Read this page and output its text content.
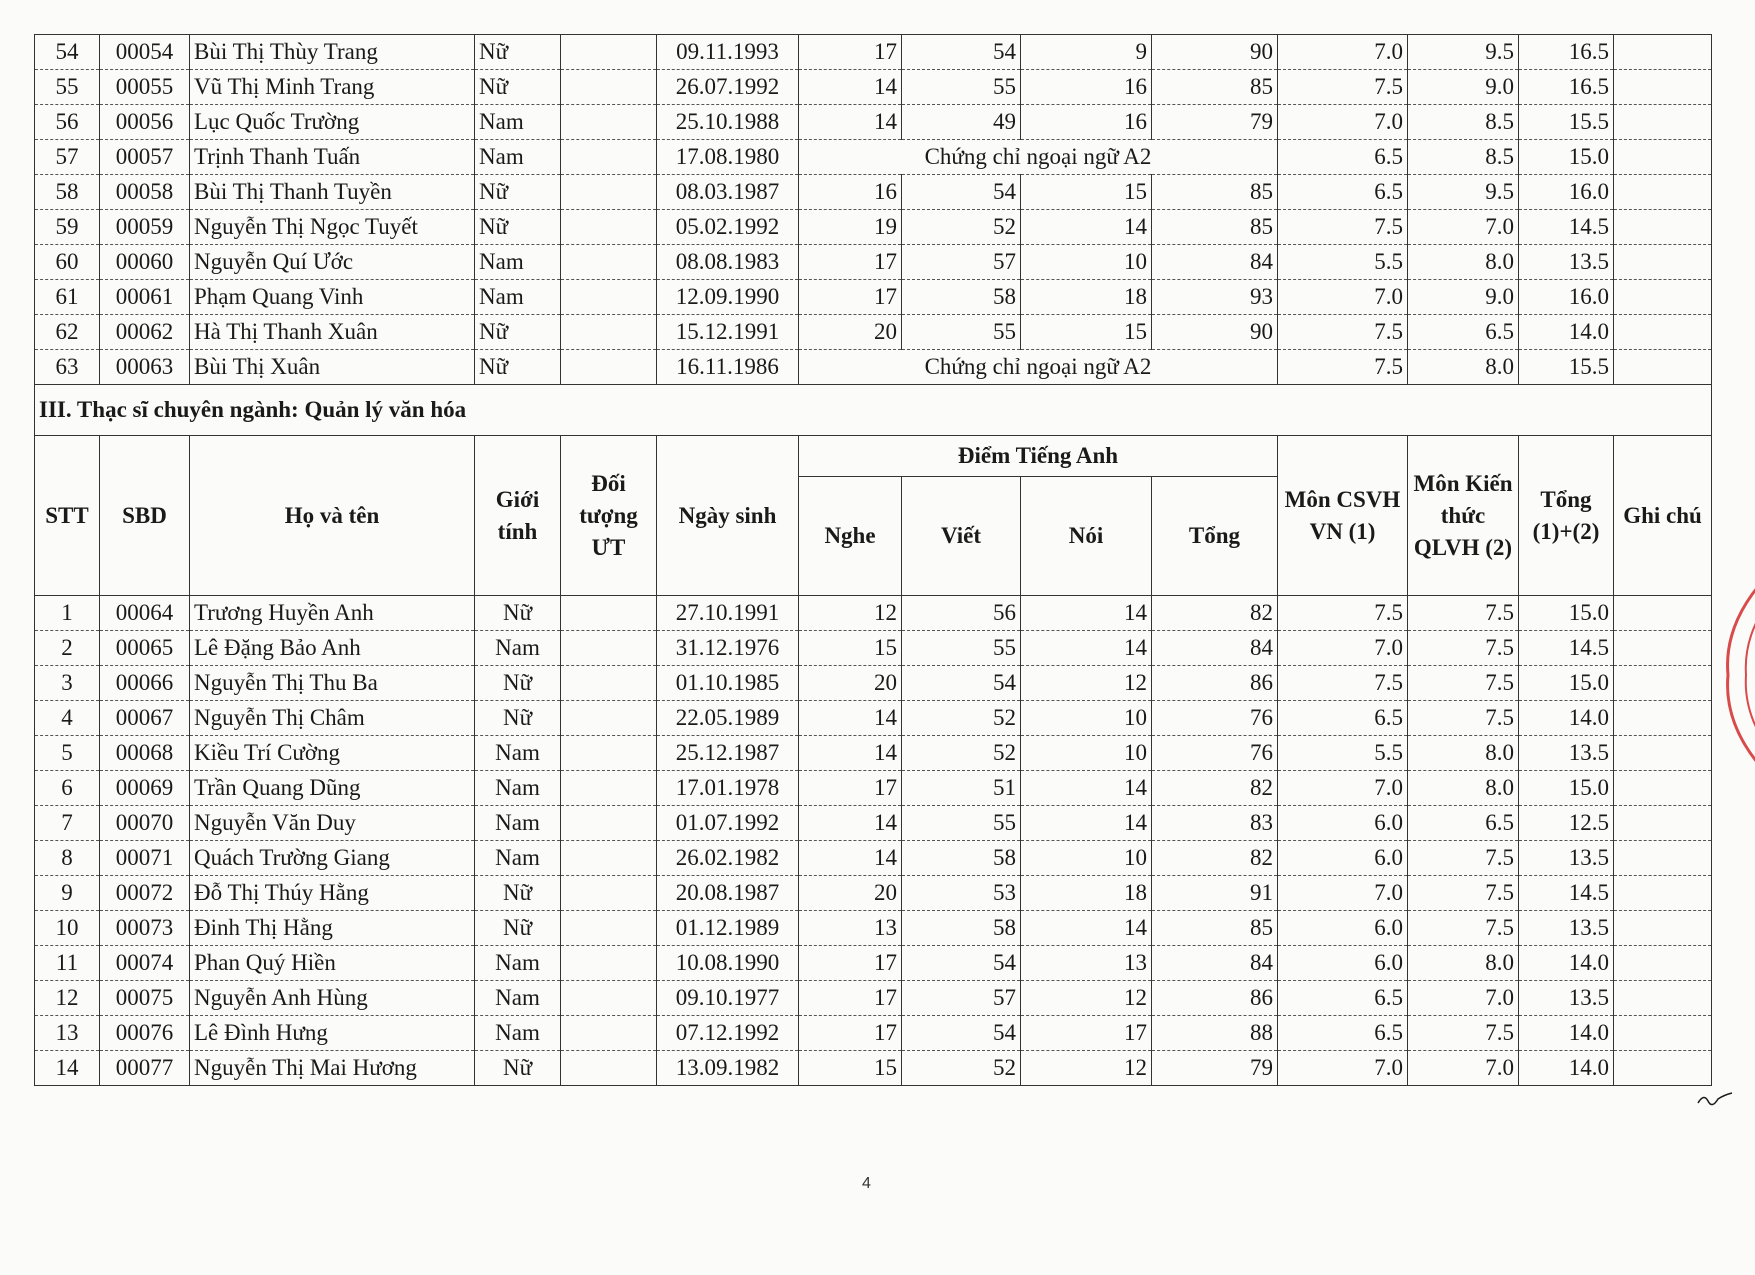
54	00054	Bùi Thị Thùy Trang	Nữ		09.11.1993	17	54	9	90	7.0	9.5	16.5	
55	00055	Vũ Thị Minh Trang	Nữ		26.07.1992	14	55	16	85	7.5	9.0	16.5	
56	00056	Lục Quốc Trường	Nam		25.10.1988	14	49	16	79	7.0	8.5	15.5	
57	00057	Trịnh Thanh Tuấn	Nam		17.08.1980	Chứng chỉ ngoại ngữ A2				6.5	8.5	15.0	
58	00058	Bùi Thị Thanh Tuyền	Nữ		08.03.1987	16	54	15	85	6.5	9.5	16.0	
59	00059	Nguyễn Thị Ngọc Tuyết	Nữ		05.02.1992	19	52	14	85	7.5	7.0	14.5	
60	00060	Nguyễn Quí Ước	Nam		08.08.1983	17	57	10	84	5.5	8.0	13.5	
61	00061	Phạm Quang Vinh	Nam		12.09.1990	17	58	18	93	7.0	9.0	16.0	
62	00062	Hà Thị Thanh Xuân	Nữ		15.12.1991	20	55	15	90	7.5	6.5	14.0	
63	00063	Bùi Thị Xuân	Nữ		16.11.1986	Chứng chỉ ngoại ngữ A2				7.5	8.0	15.5	
III. Thạc sĩ chuyên ngành: Quản lý văn hóa													
STT	SBD	Họ và tên	Giới tính	Đối tượng ƯT	Ngày sinh	Điểm Tiếng Anh				Môn CSVH VN (1)	Môn Kiến thức QLVH (2)	Tổng (1)+(2)	Ghi chú
						Nghe	Viết	Nói	Tổng				
1	00064	Trương Huyền Anh	Nữ		27.10.1991	12	56	14	82	7.5	7.5	15.0	
2	00065	Lê Đặng Bảo Anh	Nam		31.12.1976	15	55	14	84	7.0	7.5	14.5	
3	00066	Nguyễn Thị Thu Ba	Nữ		01.10.1985	20	54	12	86	7.5	7.5	15.0	
4	00067	Nguyễn Thị Châm	Nữ		22.05.1989	14	52	10	76	6.5	7.5	14.0	
5	00068	Kiều Trí Cường	Nam		25.12.1987	14	52	10	76	5.5	8.0	13.5	
6	00069	Trần Quang Dũng	Nam		17.01.1978	17	51	14	82	7.0	8.0	15.0	
7	00070	Nguyễn Văn Duy	Nam		01.07.1992	14	55	14	83	6.0	6.5	12.5	
8	00071	Quách Trường Giang	Nam		26.02.1982	14	58	10	82	6.0	7.5	13.5	
9	00072	Đỗ Thị Thúy Hằng	Nữ		20.08.1987	20	53	18	91	7.0	7.5	14.5	
10	00073	Đinh Thị Hằng	Nữ		01.12.1989	13	58	14	85	6.0	7.5	13.5	
11	00074	Phan Quý Hiền	Nam		10.08.1990	17	54	13	84	6.0	8.0	14.0	
12	00075	Nguyễn Anh Hùng	Nam		09.10.1977	17	57	12	86	6.5	7.0	13.5	
13	00076	Lê Đình Hưng	Nam		07.12.1992	17	54	17	88	6.5	7.5	14.0	
14	00077	Nguyễn Thị Mai Hương	Nữ		13.09.1982	15	52	12	79	7.0	7.0	14.0	
4
